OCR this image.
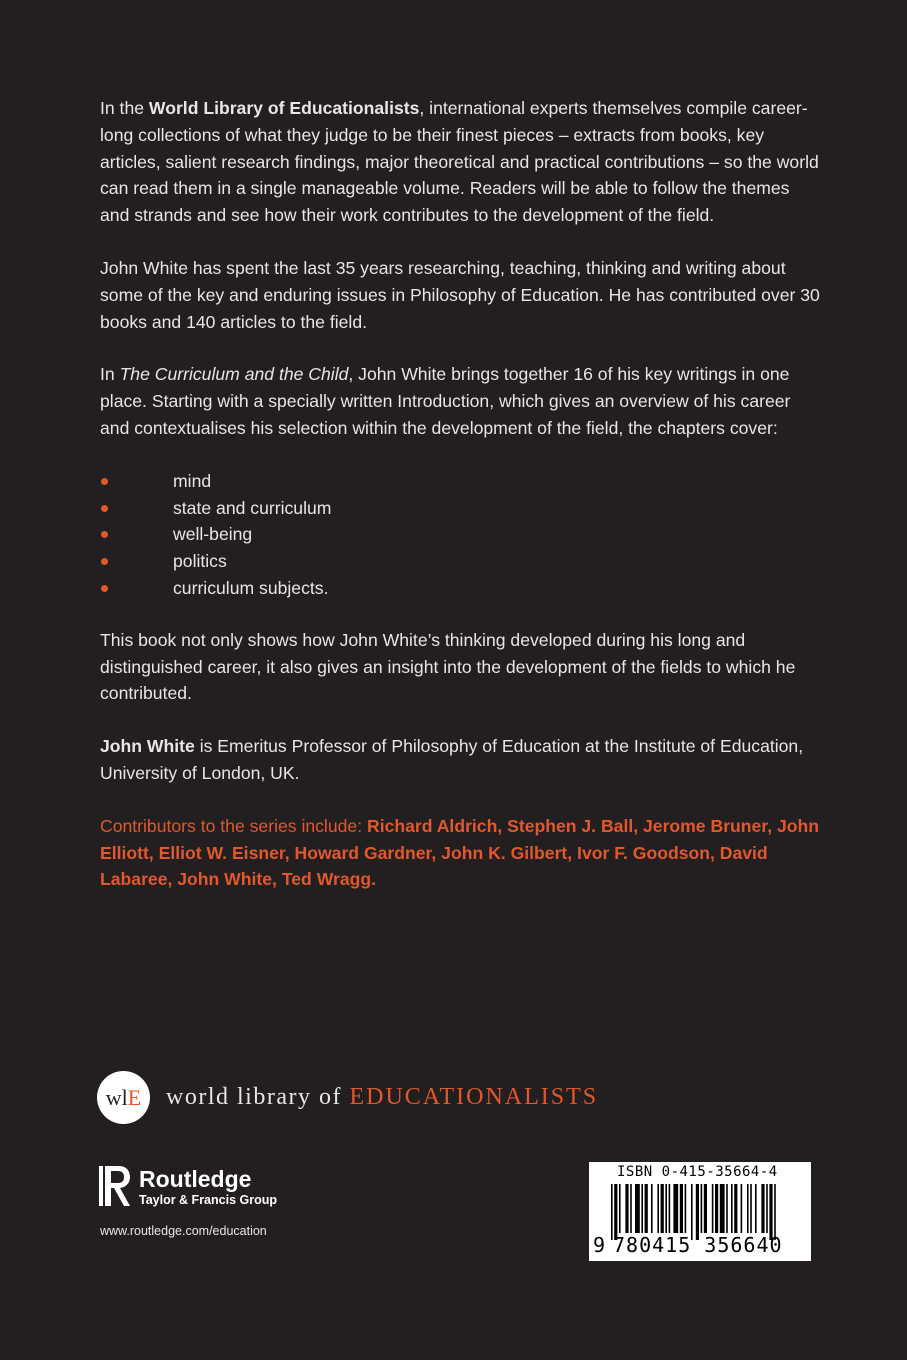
In the World Library of Educationalists, international experts themselves compile career-long collections of what they judge to be their finest pieces – extracts from books, key articles, salient research findings, major theoretical and practical contributions – so the world can read them in a single manageable volume. Readers will be able to follow the themes and strands and see how their work contributes to the development of the field.

John White has spent the last 35 years researching, teaching, thinking and writing about some of the key and enduring issues in Philosophy of Education. He has contributed over 30 books and 140 articles to the field.

In The Curriculum and the Child, John White brings together 16 of his key writings in one place. Starting with a specially written Introduction, which gives an overview of his career and contextualises his selection within the development of the field, the chapters cover:

mind
state and curriculum
well-being
politics
curriculum subjects.

This book not only shows how John White’s thinking developed during his long and distinguished career, it also gives an insight into the development of the fields to which he contributed.

John White is Emeritus Professor of Philosophy of Education at the Institute of Education, University of London, UK.

Contributors to the series include: Richard Aldrich, Stephen J. Ball, Jerome Bruner, John Elliott, Elliot W. Eisner, Howard Gardner, John K. Gilbert, Ivor F. Goodson, David Labaree, John White, Ted Wragg.

wl E world library of EDUCATIONALISTS
Routledge
Taylor & Francis Group
www.routledge.com/education
ISBN 0-415-35664-4
9 780415 356640
